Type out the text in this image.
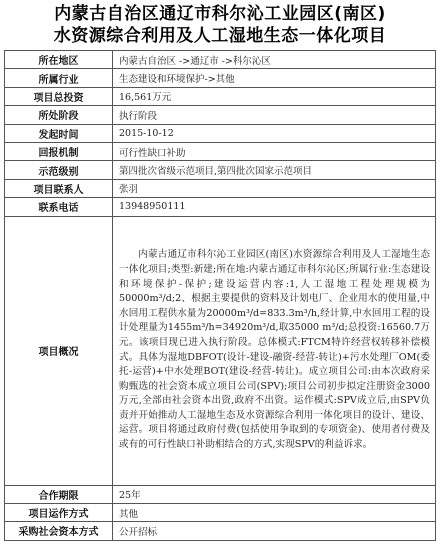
内蒙古自治区通辽市科尔沁工业园区(南区)
水资源综合利用及人工湿地生态一体化项目
所在地区	内蒙古自治区 ->通辽市 ->科尔沁区
所属行业	生态建设和环境保护->其他
项目总投资	16,561万元
所处阶段	执行阶段
发起时间	2015-10-12
回报机制	可行性缺口补助
示范级别	第四批次省级示范项目,第四批次国家示范项目
项目联系人	张羽
联系电话	13948950111
项目概况	内蒙古通辽市科尔沁工业园区(南区)水资源综合利用及人工湿地生态一体化项目;类型:新建;所在地:内蒙古通辽市科尔沁区;所属行业:生态建设和环境保护-保护;建设运营内容:1,人工湿地工程处理规模为50000m³/d;2、根据主要提供的资料及计划电厂、企业用水的使用量,中水回用工程供水量为20000m³/d=833.3m³/h,经计算,中水回用工程的设计处理量为1455m³/h=34920m³/d,取35000 m³/d;总投资:16560.7万元。该项目现已进入执行阶段。总体模式:FTCM特许经营权转移补偿模式。具体为湿地DBFOT(设计-建设-融资-经营-转让)+污水处理厂OM(委托-运营)+中水处理BOT(建设-经营-转让)。成立项目公司:由本次政府采购甄选的社会资本成立项目公司(SPV);项目公司初步拟定注册资金3000万元,全部由社会资本出资,政府不出资。运作模式:SPV成立后,由SPV负责并开始推动人工湿地生态及水资源综合利用一体化项目的设计、建设、运营。项目将通过政府付费(包括使用争取到的专项资金)、使用者付费及或有的可行性缺口补助相结合的方式,实现SPV的利益诉求。
合作期限	25年
项目运作方式	其他
采购社会资本方式	公开招标
